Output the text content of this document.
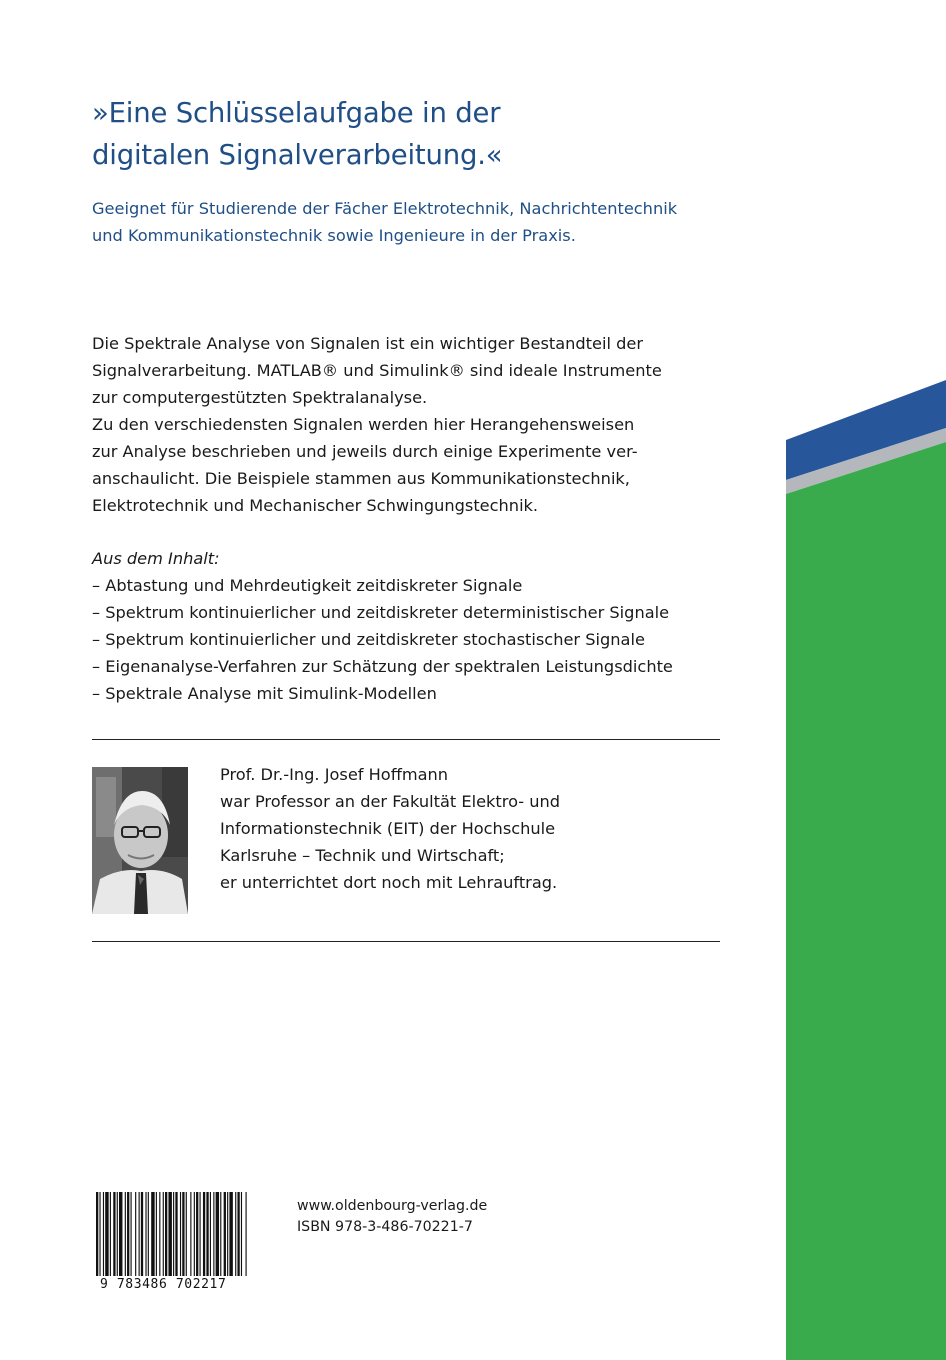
»Eine Schlüsselaufgabe in der
digitalen Signalverarbeitung.«
Geeignet für Studierende der Fächer Elektrotechnik, Nachrichtentechnik
und Kommunikationstechnik sowie Ingenieure in der Praxis.
Die Spektrale Analyse von Signalen ist ein wichtiger Bestandteil der
Signalverarbeitung. MATLAB® und Simulink® sind ideale Instrumente
zur computergestützten Spektralanalyse.
Zu den verschiedensten Signalen werden hier Herangehensweisen
zur Analyse beschrieben und jeweils durch einige Experimente ver-
anschaulicht. Die Beispiele stammen aus Kommunikationstechnik,
Elektrotechnik und Mechanischer Schwingungstechnik.
Aus dem Inhalt:
– Abtastung und Mehrdeutigkeit zeitdiskreter Signale
– Spektrum kontinuierlicher und zeitdiskreter deterministischer Signale
– Spektrum kontinuierlicher und zeitdiskreter stochastischer Signale
– Eigenanalyse-Verfahren zur Schätzung der spektralen Leistungsdichte
– Spektrale Analyse mit Simulink-Modellen
Prof. Dr.-Ing. Josef Hoffmann
war Professor an der Fakultät Elektro- und
Informationstechnik (EIT) der Hochschule
Karlsruhe – Technik und Wirtschaft;
er unterrichtet dort noch mit Lehrauftrag.
9 783486 702217
www.oldenbourg-verlag.de
ISBN 978-3-486-70221-7
